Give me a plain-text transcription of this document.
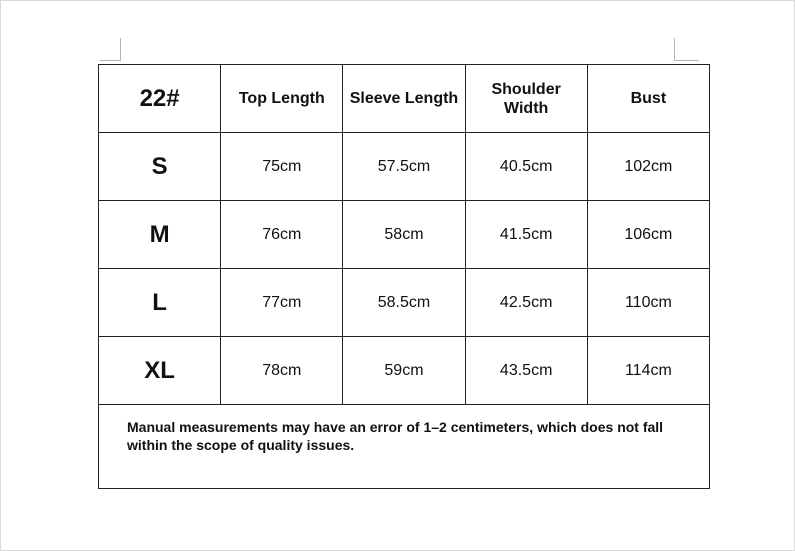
22#	Top Length	Sleeve Length	Shoulder Width	Bust
S	75cm	57.5cm	40.5cm	102cm
M	76cm	58cm	41.5cm	106cm
L	77cm	58.5cm	42.5cm	110cm
XL	78cm	59cm	43.5cm	114cm
Manual measurements may have an error of 1–2 centimeters, which does not fall within the scope of quality issues.				
